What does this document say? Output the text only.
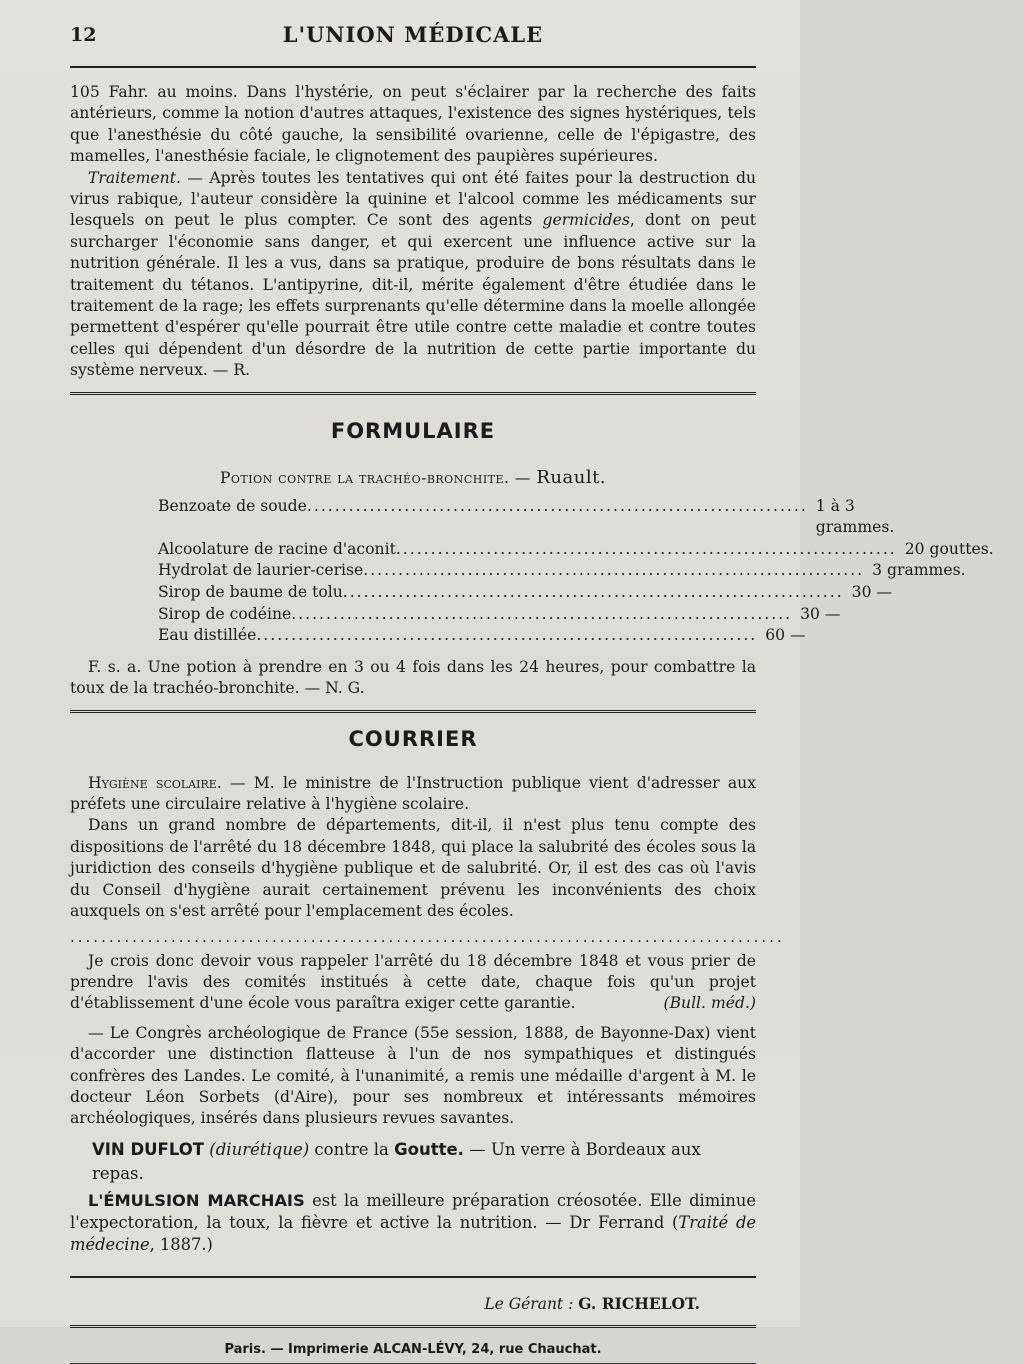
12	L'UNION MÉDICALE

105 Fahr. au moins. Dans l'hystérie, on peut s'éclairer par la recherche des faits antérieurs, comme la notion d'autres attaques, l'existence des signes hystériques, tels que l'anesthésie du côté gauche, la sensibilité ovarienne, celle de l'épigastre, des mamelles, l'anesthésie faciale, le clignotement des paupières supérieures.

Traitement. — Après toutes les tentatives qui ont été faites pour la destruction du virus rabique, l'auteur considère la quinine et l'alcool comme les médicaments sur lesquels on peut le plus compter. Ce sont des agents germicides, dont on peut surcharger l'économie sans danger, et qui exercent une influence active sur la nutrition générale. Il les a vus, dans sa pratique, produire de bons résultats dans le traitement du tétanos. L'antipyrine, dit-il, mérite également d'être étudiée dans le traitement de la rage; les effets surprenants qu'elle détermine dans la moelle allongée permettent d'espérer qu'elle pourrait être utile contre cette maladie et contre toutes celles qui dépendent d'un désordre de la nutrition de cette partie importante du système nerveux. — R.

FORMULAIRE
Potion contre la trachéo-bronchite. — Ruault.
Benzoate de soude ........................................................................ 1 à 3 grammes.
Alcoolature de racine d'aconit ........................................................................ 20 gouttes.
Hydrolat de laurier-cerise ........................................................................ 3 grammes.
Sirop de baume de tolu ........................................................................ 30 —
Sirop de codéine ........................................................................ 30 —
Eau distillée ........................................................................ 60 —

F. s. a. Une potion à prendre en 3 ou 4 fois dans les 24 heures, pour combattre la toux de la trachéo-bronchite. — N. G.

COURRIER

Hygiène scolaire. — M. le ministre de l'Instruction publique vient d'adresser aux préfets une circulaire relative à l'hygiène scolaire.

Dans un grand nombre de départements, dit-il, il n'est plus tenu compte des dispositions de l'arrêté du 18 décembre 1848, qui place la salubrité des écoles sous la juridiction des conseils d'hygiène publique et de salubrité. Or, il est des cas où l'avis du Conseil d'hygiène aurait certainement prévenu les inconvénients des choix auxquels on s'est arrêté pour l'emplacement des écoles.

............................................................................................

Je crois donc devoir vous rappeler l'arrêté du 18 décembre 1848 et vous prier de prendre l'avis des comités institués à cette date, chaque fois qu'un projet d'établissement d'une école vous paraîtra exiger cette garantie.	(Bull. méd.)

— Le Congrès archéologique de France (55e session, 1888, de Bayonne-Dax) vient d'accorder une distinction flatteuse à l'un de nos sympathiques et distingués confrères des Landes. Le comité, à l'unanimité, a remis une médaille d'argent à M. le docteur Léon Sorbets (d'Aire), pour ses nombreux et intéressants mémoires archéologiques, insérés dans plusieurs revues savantes.

VIN DUFLOT (diurétique) contre la Goutte. — Un verre à Bordeaux aux repas.

L'ÉMULSION MARCHAIS est la meilleure préparation créosotée. Elle diminue l'expectoration, la toux, la fièvre et active la nutrition. — Dr Ferrand (Traité de médecine, 1887.)

Le Gérant : G. RICHELOT.
Paris. — Imprimerie ALCAN-LÉVY, 24, rue Chauchat.
